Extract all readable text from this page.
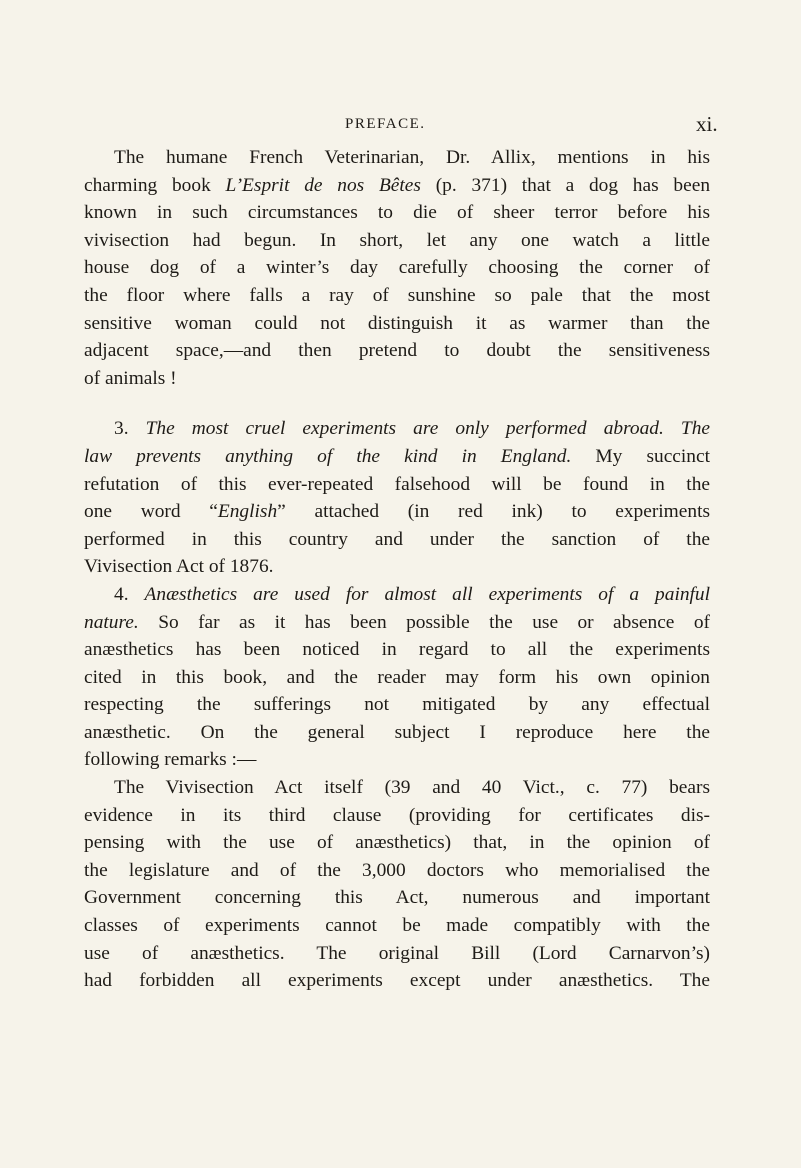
PREFACE.	xi.
The humane French Veterinarian, Dr. Allix, mentions in his
charming book L’Esprit de nos Bêtes (p. 371) that a dog has been
known in such circumstances to die of sheer terror before his
vivisection had begun. In short, let any one watch a little
house dog of a winter’s day carefully choosing the corner of
the floor where falls a ray of sunshine so pale that the most
sensitive woman could not distinguish it as warmer than the
adjacent space,—and then pretend to doubt the sensitiveness
of animals !
3. The most cruel experiments are only performed abroad. The
law prevents anything of the kind in England. My succinct
refutation of this ever-repeated falsehood will be found in the
one word “English” attached (in red ink) to experiments
performed in this country and under the sanction of the
Vivisection Act of 1876.
4. Anæsthetics are used for almost all experiments of a painful
nature. So far as it has been possible the use or absence of
anæsthetics has been noticed in regard to all the experiments
cited in this book, and the reader may form his own opinion
respecting the sufferings not mitigated by any effectual
anæsthetic. On the general subject I reproduce here the
following remarks :—
The Vivisection Act itself (39 and 40 Vict., c. 77) bears
evidence in its third clause (providing for certificates dis-
pensing with the use of anæsthetics) that, in the opinion of
the legislature and of the 3,000 doctors who memorialised the
Government concerning this Act, numerous and important
classes of experiments cannot be made compatibly with the
use of anæsthetics. The original Bill (Lord Carnarvon’s)
had forbidden all experiments except under anæsthetics. The
